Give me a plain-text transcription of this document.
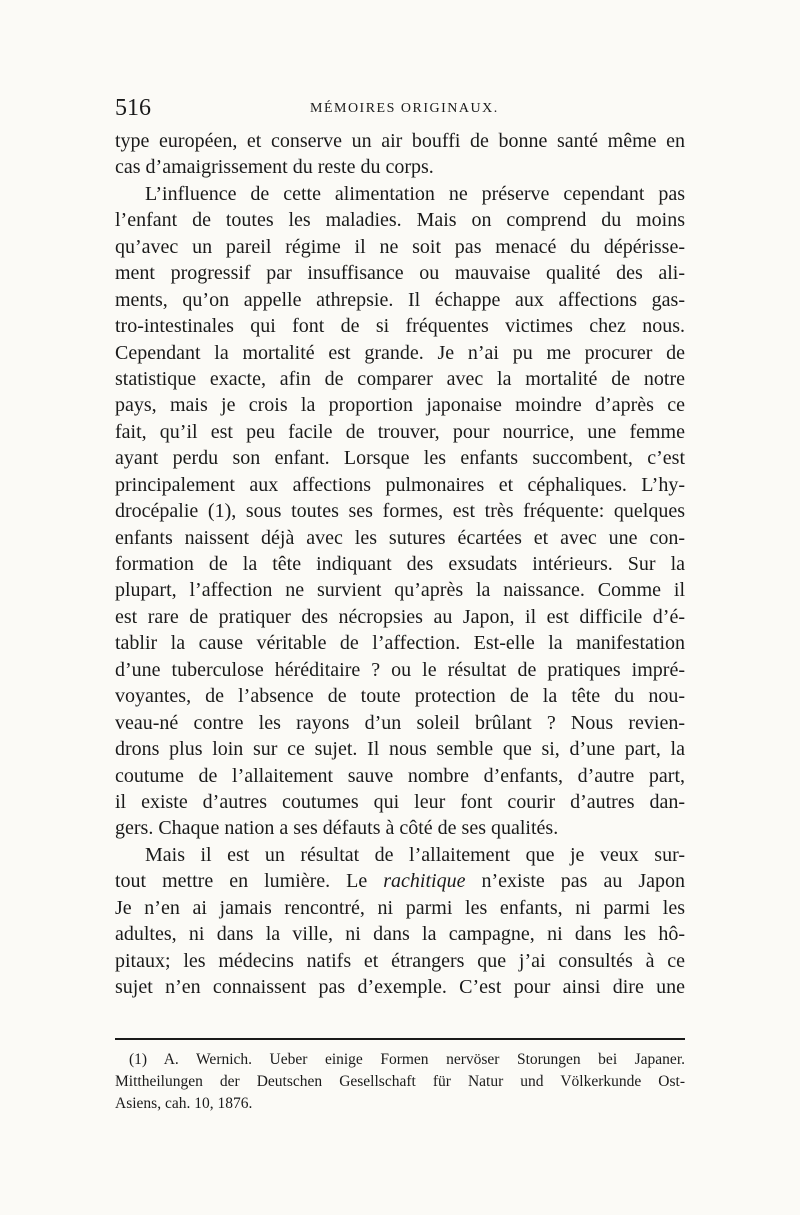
516	MÉMOIRES ORIGINAUX.
type européen, et conserve un air bouffi de bonne santé même en
cas d’amaigrissement du reste du corps.
L’influence de cette alimentation ne préserve cependant pas
l’enfant de toutes les maladies. Mais on comprend du moins
qu’avec un pareil régime il ne soit pas menacé du dépérisse-
ment progressif par insuffisance ou mauvaise qualité des ali-
ments, qu’on appelle athrepsie. Il échappe aux affections gas-
tro-intestinales qui font de si fréquentes victimes chez nous.
Cependant la mortalité est grande. Je n’ai pu me procurer de
statistique exacte, afin de comparer avec la mortalité de notre
pays, mais je crois la proportion japonaise moindre d’après ce
fait, qu’il est peu facile de trouver, pour nourrice, une femme
ayant perdu son enfant. Lorsque les enfants succombent, c’est
principalement aux affections pulmonaires et céphaliques. L’hy-
drocépalie (1), sous toutes ses formes, est très fréquente: quelques
enfants naissent déjà avec les sutures écartées et avec une con-
formation de la tête indiquant des exsudats intérieurs. Sur la
plupart, l’affection ne survient qu’après la naissance. Comme il
est rare de pratiquer des nécropsies au Japon, il est difficile d’é-
tablir la cause véritable de l’affection. Est-elle la manifestation
d’une tuberculose héréditaire ? ou le résultat de pratiques impré-
voyantes, de l’absence de toute protection de la tête du nou-
veau-né contre les rayons d’un soleil brûlant ? Nous revien-
drons plus loin sur ce sujet. Il nous semble que si, d’une part, la
coutume de l’allaitement sauve nombre d’enfants, d’autre part,
il existe d’autres coutumes qui leur font courir d’autres dan-
gers. Chaque nation a ses défauts à côté de ses qualités.
Mais il est un résultat de l’allaitement que je veux sur-
tout mettre en lumière. Le rachitique n’existe pas au Japon
Je n’en ai jamais rencontré, ni parmi les enfants, ni parmi les
adultes, ni dans la ville, ni dans la campagne, ni dans les hô-
pitaux; les médecins natifs et étrangers que j’ai consultés à ce
sujet n’en connaissent pas d’exemple. C’est pour ainsi dire une
(1) A. Wernich. Ueber einige Formen nervöser Storungen bei Japaner.
Mittheilungen der Deutschen Gesellschaft für Natur und Völkerkunde Ost-
Asiens, cah. 10, 1876.
